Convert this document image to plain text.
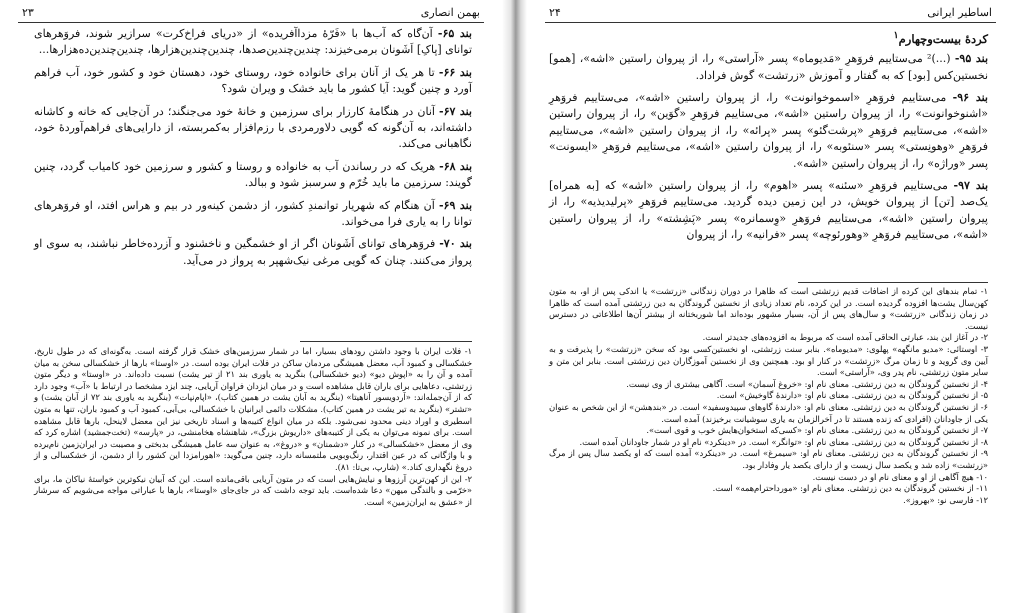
۲۳	بهمن انصاری

بند ۶۵- آن‌گاه که آب‌ها با «فَرّهٔ مزداآفریده» از «دریای فراخ‌کرت» سرازیر شوند، فروَهرهای توانای [پاکِ] اَشَونان برمی‌خیزند: چندین‌چندین‌صدها، چندین‌چندین‌هزارها، چندین‌چندین‌ده‌هزارها...

بند ۶۶- تا هر یک از آنان برای خانواده خود، روستای خود، دهستان خود و کشور خود، آب فراهم آورد و چنین گوید: آیا کشور ما باید خشک و ویران شود؟

بند ۶۷- آنان در هنگامهٔ کارزار برای سرزمین و خانهٔ خود می‌جنگند؛ در آن‌جایی که خانه و کاشانه داشته‌اند، به آن‌گونه که گویی دلاورمردی با رزم‌افزار به‌کمربسته، از دارایی‌های فراهم‌آوردهٔ خود، نگاهبانی می‌کند.

بند ۶۸- هریک که در رساندن آب به خانواده و روستا و کشور و سرزمین خود کامیاب گردد، چنین گویند: سرزمین ما باید خُرّم و سرسبز شود و ببالد.

بند ۶۹- آن هنگام که شهریار توانمندِ کشور، از دشمن کینه‌ور در بیم و هراس افتد، او فروَهرهای توانا را به یاری فرا می‌خواند.

بند ۷۰- فروَهرهای توانای اَشَونان اگر از او خشمگین و ناخشنود و آزرده‌خاطر نباشند، به سوی او پرواز می‌کنند. چنان که گویی مرغی نیک‌شهپر به پرواز در می‌آید.

۱- فلات ایران با وجود داشتن رودهای بسیار، اما در شمار سرزمین‌های خشک قرار گرفته است. به‌گونه‌ای که در طول تاریخ، خشکسالی و کمبود آب، معضل همیشگی مردمان ساکن در فلات ایران بوده است. در «اوستا» بارها از خشکسالی سخن به میان آمده و آن را به «اپوش دیو» (دیو خشکسالی) بنگرید به یاوری بند ۲۱ از تیر یشت) نسبت داده‌اند. در «اوستا» و دیگر متون زرتشتی، دعاهایی برای باران قابل مشاهده است و در میان ایزدان فراوان آریایی، چند ایزد مشخصا در ارتباط با «آب» وجود دارد که از آن‌جمله‌اند: «اَردویسور آناهیتا» (بنگرید به آبان یشت در همین کتاب)، «اپام‌نپات» (بنگرید به یاوری بند ۷۲ از آبان یشت) و «تشتر» (بنگرید به تیر یشت در همین کتاب). مشکلات دائمی ایرانیان با خشکسالی، بی‌آبی، کمبود آب و کمبود باران، تنها به متون اسطیری و اوراد دینی محدود نمی‌شود. بلکه در میان انواع کتیبه‌ها و اسناد تاریخی نیز این معضل لاینحل، بارها قابل مشاهده است. برای نمونه می‌توان به یکی از کتیبه‌های «داریوش بزرگ»، شاهنشاه هخامنشی، در «پارسه» (تخت‌جمشید) اشاره کرد که وی از معضل «خشکسالی» در کنار «دشمنان» و «دروغ»، به عنوان سه عامل همیشگی بدبختی و مصیبت در ایران‌زمین نام‌برده و با واژگانی که در عین اقتدار، رنگ‌وبویی ملتمسانه دارد، چنین می‌گوید: «اهورامزدا این کشور را از دشمن، از خشکسالی و از دروغ نگهداری کناد.» (شارپ، بی‌تا: ۸۱).

۲- این از کهن‌ترین آرزوها و نیایش‌هایی است که در متون آریایی باقی‌مانده است. این که آبیان نیکوترین خواستهٔ نیاکان ما، برای «خرّمی و بالندگی میهن» دعا شده‌است. باید توجه داشت که در جای‌جای «اوستا»، بارها با عباراتی مواجه می‌شویم که سرشار از «عشق به ایران‌زمین» است.

۲۴	اساطیر ایرانی
کردهٔ بیست‌وچهارم$^۱$

بند ۹۵- (...)² می‌ستاییم فروَهرِ «مَدیوماه» پسر «آراستی» را، از پیروان راستین «اشه»، [همو] نخستین‌کس [بود] که به گفتار و آموزش «زرتشت» گوش فراداد.

بند ۹۶- می‌ستاییم فروَهرِ «اسموخوانونت» را، از پیروان راستین «اشه»، می‌ستاییم فروَهرِ «اشنوخوانونت» را، از پیروان راستین «اشه»، می‌ستاییم فروَهرِ «گوَین» را، از پیروان راستین «اشه»، می‌ستاییم فروَهرِ «پرشت‌گئو» پسر «پرائه» را، از پیروان راستین «اشه»، می‌ستاییم فروَهرِ «وهونِستی» پسر «سنئوبه» را، از پیروان راستین «اشه»، می‌ستاییم فروَهرِ «ایسونت» پسر «وراژه» را، از پیروان راستین «اشه».

بند ۹۷- می‌ستاییم فروَهرِ «سئنه» پسر «اهوم» را، از پیروان راستین «اشه» که [به همراه] یک‌صد [تن] از پیروان خویش، در این زمین دیده گردید. می‌ستاییم فروَهرِ «پرلیدیذیه» را، از پیروان راستین «اشه»، می‌ستاییم فروَهرِ «وِسمانره» پسر «پَشِشته» را، از پیروان راستین «اشه»، می‌ستاییم فروَهرِ «وهورئوچه» پسر «فرانیه» را، از پیروان

۱- تمام بندهای این کرده از اضافات قدیم زرتشتی است که ظاهرا در دوران زندگانی «زرتشت» یا اندکی پس از او، به متون کهن‌سال یشت‌ها افزوده گردیده است. در این کرده، نام تعداد زیادی از نخستین گروندگان به دین زرتشتی آمده است که ظاهرا در زمان زندگانی «زرتشت» و سال‌های پس از آن، بسیار مشهور بوده‌اند اما شوربختانه از بیشتر آن‌ها اطلاعاتی در دسترس نیست.

۲- در آغاز این بند، عبارتی الحاقی آمده است که مربوط به افزوده‌های جدیدتر است.

۳- اوستائی: «مدیو مانگهه» پهلوی: «مدیوماه». بنابر سنت زرتشتی، او نخستین‌کسی بود که سخن «زرتشت» را پذیرفت و به آیین وی گروید و تا زمان مرگ «زرتشت» در کنار او بود. همچنین وی از نخستین آموزگاران دین زرتشتی است. بنابر این متن و سایر متون زرتشتی، نام پدر وی، «آراستی» است.

۴- از نخستین گروندگان به دین زرتشتی. معنای نام او: «خروغ آسمان» است. آگاهی بیشتری از وی نیست.

۵- از نخستین گروندگان به دین زرتشتی. معنای نام او: «دارندهٔ گاوخیش» است.

۶- از نخستین گروندگان به دین زرتشتی. معنای نام او: «دارندهٔ گاوهای سپیدوسفید» است. در «بندهشن» از این شخص به عنوان یکی از جاودانان (افرادی که زنده هستند تا در آخرالزمان به یاری سوشیانت برخیزند) آمده است.

۷- از نخستین گروندگان به دین زرتشتی. معنای نام او: «کسی‌که استخوان‌هایش خوب و قوی است».

۸- از نخستین گروندگان به دین زرتشتی. معنای نام او: «توانگر» است. در «دینکرد» نام او در شمار جاودانان آمده است.

۹- از نخستین گروندگان به دین زرتشتی. معنای نام او: «سیمرغ» است. در «دینکرد» آمده است که او یکصد سال پس از مرگ «زرتشت» زاده شد و یکصد سال زیست و از دارای یکصد یار وفادار بود.

۱۰- هیچ آگاهی از او و معنای نام او در دست نیست.

۱۱- از نخستین گروندگان به دین زرتشتی. معنای نام او: «مورداحترام‌همه» است.

۱۲- فارسی نو: «بهروز».
